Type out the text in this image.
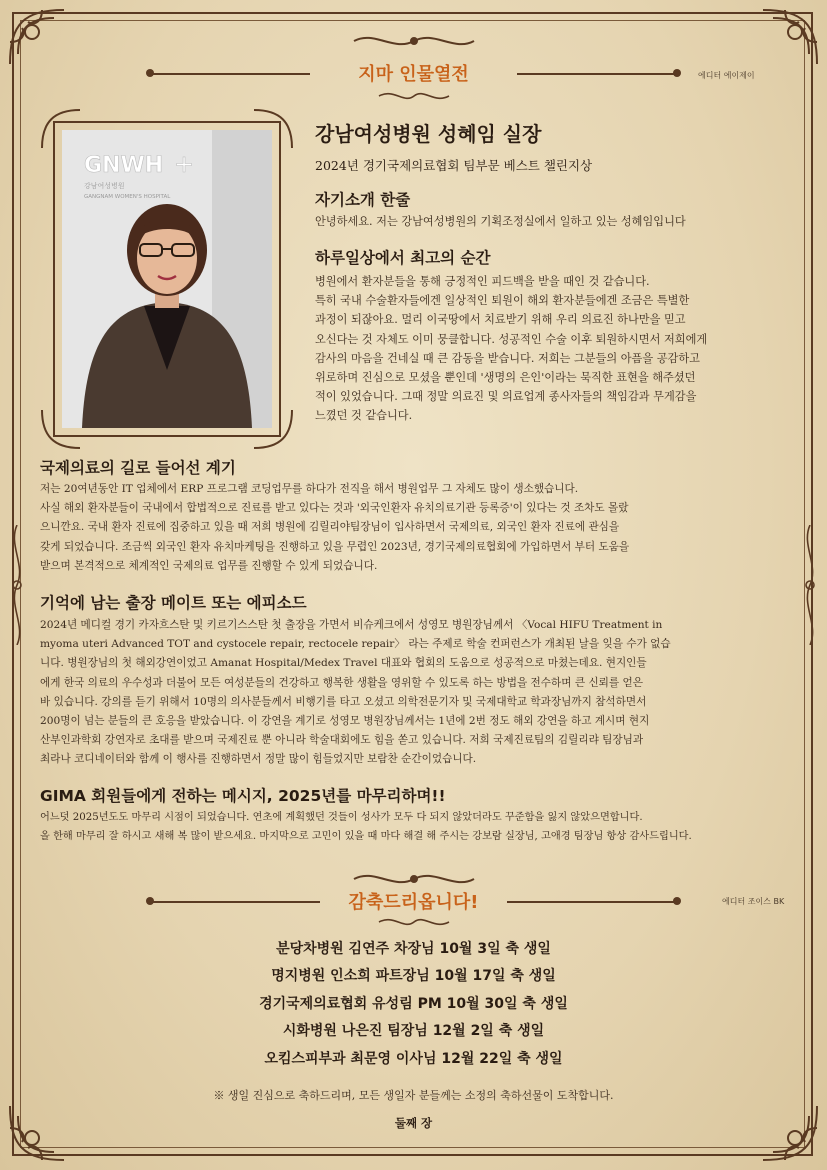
지마 인물열전	에디터 에이제이
GNWH +
강남여성병원
GANGNAM WOMEN'S HOSPITAL
강남여성병원 성혜임 실장
2024년 경기국제의료협회 팀부문 베스트 챌린지상
자기소개 한줄

안녕하세요. 저는 강남여성병원의 기획조정실에서 일하고 있는 성혜임입니다

하루일상에서 최고의 순간

병원에서 환자분들을 통해 긍정적인 피드백을 받을 때인 것 같습니다.

특히 국내 수술환자들에겐 일상적인 퇴원이 해외 환자분들에겐 조금은 특별한

과정이 되잖아요. 멀리 이국땅에서 치료받기 위해 우리 의료진 하나만을 믿고

오신다는 것 자체도 이미 뭉클합니다. 성공적인 수술 이후 퇴원하시면서 저희에게

감사의 마음을 건네실 때 큰 감동을 받습니다. 저희는 그분들의 아픔을 공감하고

위로하며 진심으로 모셨을 뿐인데 '생명의 은인'이라는 묵직한 표현을 해주셨던

적이 있었습니다. 그때 정말 의료진 및 의료업계 종사자들의 책임감과 무게감을

느꼈던 것 같습니다.

국제의료의 길로 들어선 계기

저는 20여년동안 IT 업체에서 ERP 프로그램 코딩업무를 하다가 전직을 해서 병원업무 그 자체도 많이 생소했습니다.

사실 해외 환자분들이 국내에서 합법적으로 진료를 받고 있다는 것과 '외국인환자 유치의료기관 등록증'이 있다는 것 조차도 몰랐

으니깐요. 국내 환자 진료에 집중하고 있을 때 저희 병원에 김릴리야팀장님이 입사하면서 국제의료, 외국인 환자 진료에 관심을

갖게 되었습니다. 조금씩 외국인 환자 유치마케팅을 진행하고 있을 무렵인 2023년, 경기국제의료협회에 가입하면서 부터 도움을

받으며 본격적으로 체계적인 국제의료 업무를 진행할 수 있게 되었습니다.

기억에 남는 출장 메이트 또는 에피소드

2024년 메디컬 경기 카자흐스탄 및 키르기스스탄 첫 출장을 가면서 비슈케크에서 성영모 병원장님께서 〈Vocal HIFU Treatment in

myoma uteri Advanced TOT and cystocele repair, rectocele repair〉 라는 주제로 학술 컨퍼런스가 개최된 날을 잊을 수가 없습

니다. 병원장님의 첫 해외강연이었고 Amanat Hospital/Medex Travel 대표와 협회의 도움으로 성공적으로 마쳤는데요. 현지인들

에게 한국 의료의 우수성과 더불어 모든 여성분들의 건강하고 행복한 생활을 영위할 수 있도록 하는 방법을 전수하며 큰 신뢰를 얻은

바 있습니다. 강의를 듣기 위해서 10명의 의사분들께서 비행기를 타고 오셨고 의학전문기자 및 국제대학교 학과장님까지 참석하면서

200명이 넘는 분들의 큰 호응을 받았습니다. 이 강연을 계기로 성영모 병원장님께서는 1년에 2번 정도 해외 강연을 하고 계시며 현지

산부인과학회 강연자로 초대를 받으며 국제진료 뿐 아니라 학술대회에도 힘을 쏟고 있습니다. 저희 국제진료팀의 김릴리랴 팀장님과

최라나 코디네이터와 함께 이 행사를 진행하면서 정말 많이 힘들었지만 보람찬 순간이었습니다.

GIMA 회원들에게 전하는 메시지, 2025년를 마무리하며!!

어느덧 2025년도도 마무리 시점이 되었습니다. 연초에 계획했던 것들이 성사가 모두 다 되지 않았더라도 꾸준함을 잃지 않았으면합니다.

올 한해 마무리 잘 하시고 새해 복 많이 받으세요. 마지막으로 고민이 있을 때 마다 해결 해 주시는 강보람 실장님, 고애경 팀장님 항상 감사드립니다.

감축드리옵니다!	에디터 조이스 BK
분당차병원 김연주 차장님 10월 3일 축 생일
명지병원 인소희 파트장님 10월 17일 축 생일
경기국제의료협회 유성림 PM 10월 30일 축 생일
시화병원 나은진 팀장님 12월 2일 축 생일
오킴스피부과 최문영 이사님 12월 22일 축 생일
※ 생일 진심으로 축하드리며, 모든 생일자 분들께는 소정의 축하선물이 도착합니다.
둘째 장
